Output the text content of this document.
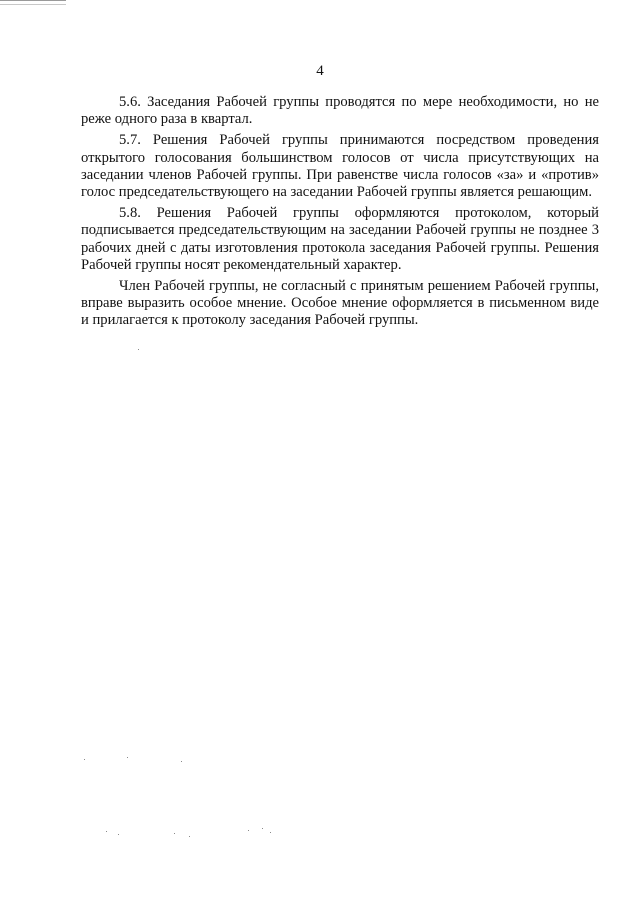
4

5.6. Заседания Рабочей группы проводятся по мере необходимости, но не реже одного раза в квартал.

5.7. Решения Рабочей группы принимаются посредством проведения открытого голосования большинством голосов от числа присутствующих на заседании членов Рабочей группы. При равенстве числа голосов «за» и «против» голос председательствующего на заседании Рабочей группы является решающим.

5.8. Решения Рабочей группы оформляются протоколом, который подписывается председательствующим на заседании Рабочей группы не позднее 3 рабочих дней с даты изготовления протокола заседания Рабочей группы. Решения Рабочей группы носят рекомендательный характер.

Член Рабочей группы, не согласный с принятым решением Рабочей группы, вправе выразить особое мнение. Особое мнение оформляется в письменном виде и прилагается к протоколу заседания Рабочей группы.
